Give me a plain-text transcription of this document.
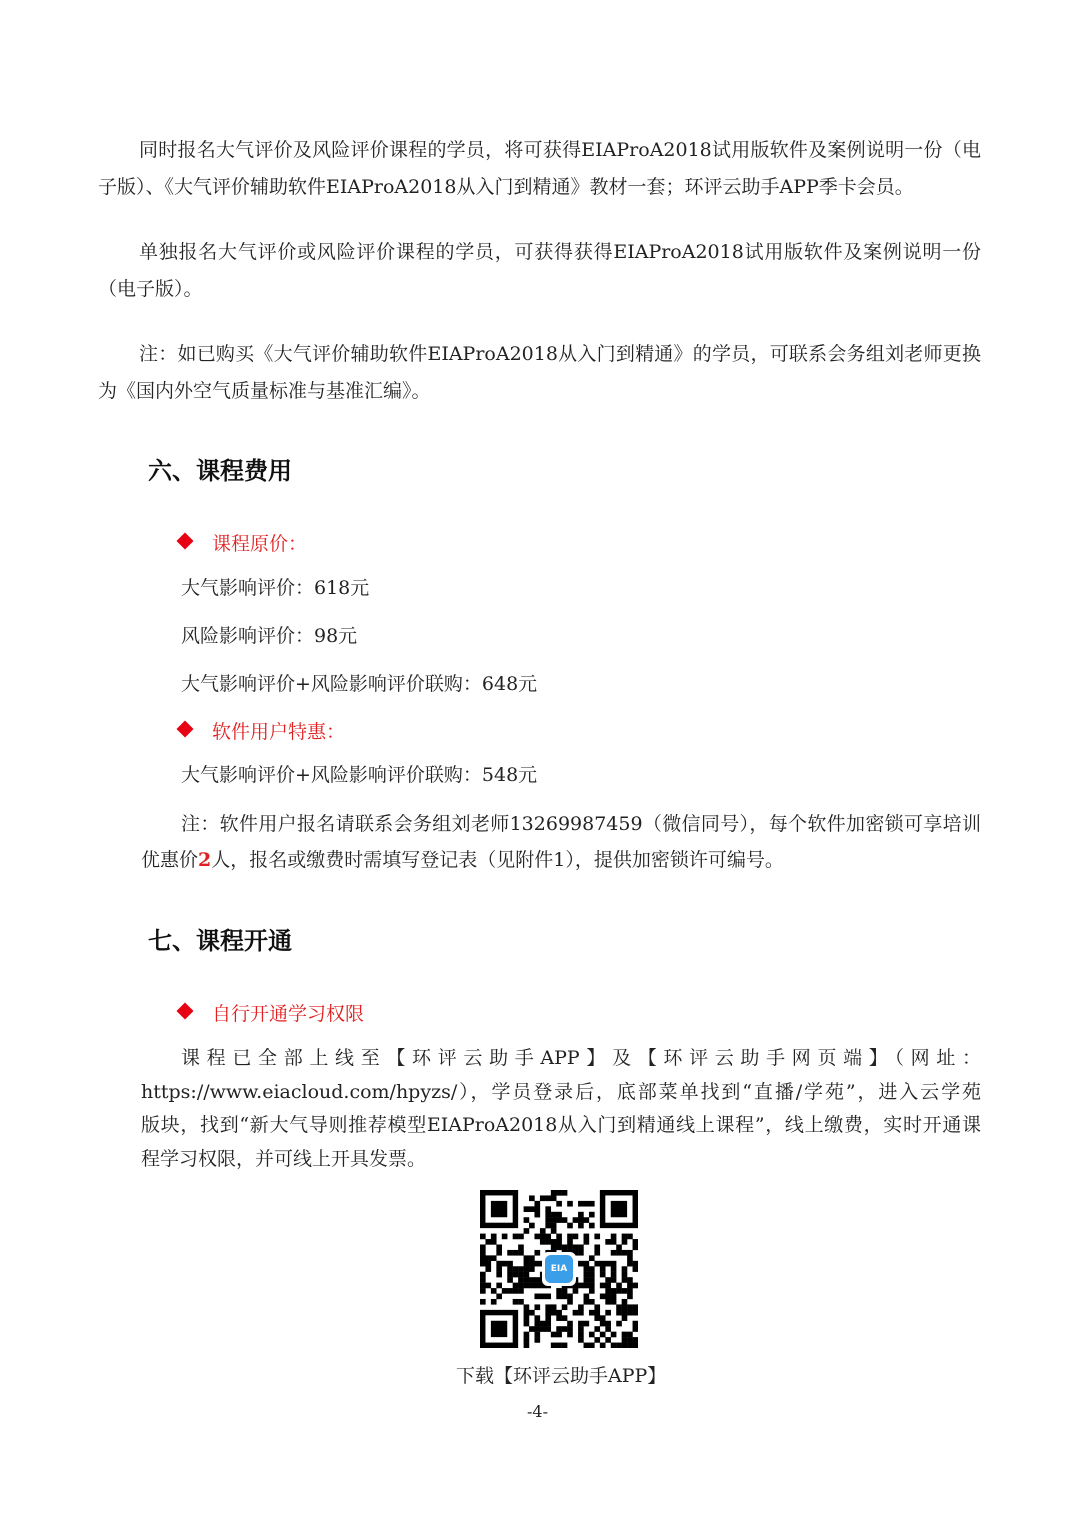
同时报名大气评价及风险评价课程的学员，将可获得EIAProA2018试用版软件及案例说明一份（电
子版）、《大气评价辅助软件EIAProA2018从入门到精通》教材一套；环评云助手APP季卡会员。
单独报名大气评价或风险评价课程的学员，可获得获得EIAProA2018试用版软件及案例说明一份
（电子版）。
注：如已购买《大气评价辅助软件EIAProA2018从入门到精通》的学员，可联系会务组刘老师更换
为《国内外空气质量标准与基准汇编》。
六、课程费用
课程原价：
大气影响评价：618元
风险影响评价：98元
大气影响评价+风险影响评价联购：648元
软件用户特惠：
大气影响评价+风险影响评价联购：548元
注：软件用户报名请联系会务组刘老师13269987459（微信同号），每个软件加密锁可享培训
优惠价2人，报名或缴费时需填写登记表（见附件1），提供加密锁许可编号。
七、课程开通
自行开通学习权限
课程已全部上线至【环评云助手APP】及【环评云助手网页端】（网址：
https://www.eiacloud.com/hpyzs/），学员登录后，底部菜单找到“直播/学苑”，进入云学苑
版块，找到“新大气导则推荐模型EIAProA2018从入门到精通线上课程”，线上缴费，实时开通课
程学习权限，并可线上开具发票。
EIA
下载【环评云助手APP】
-4-
